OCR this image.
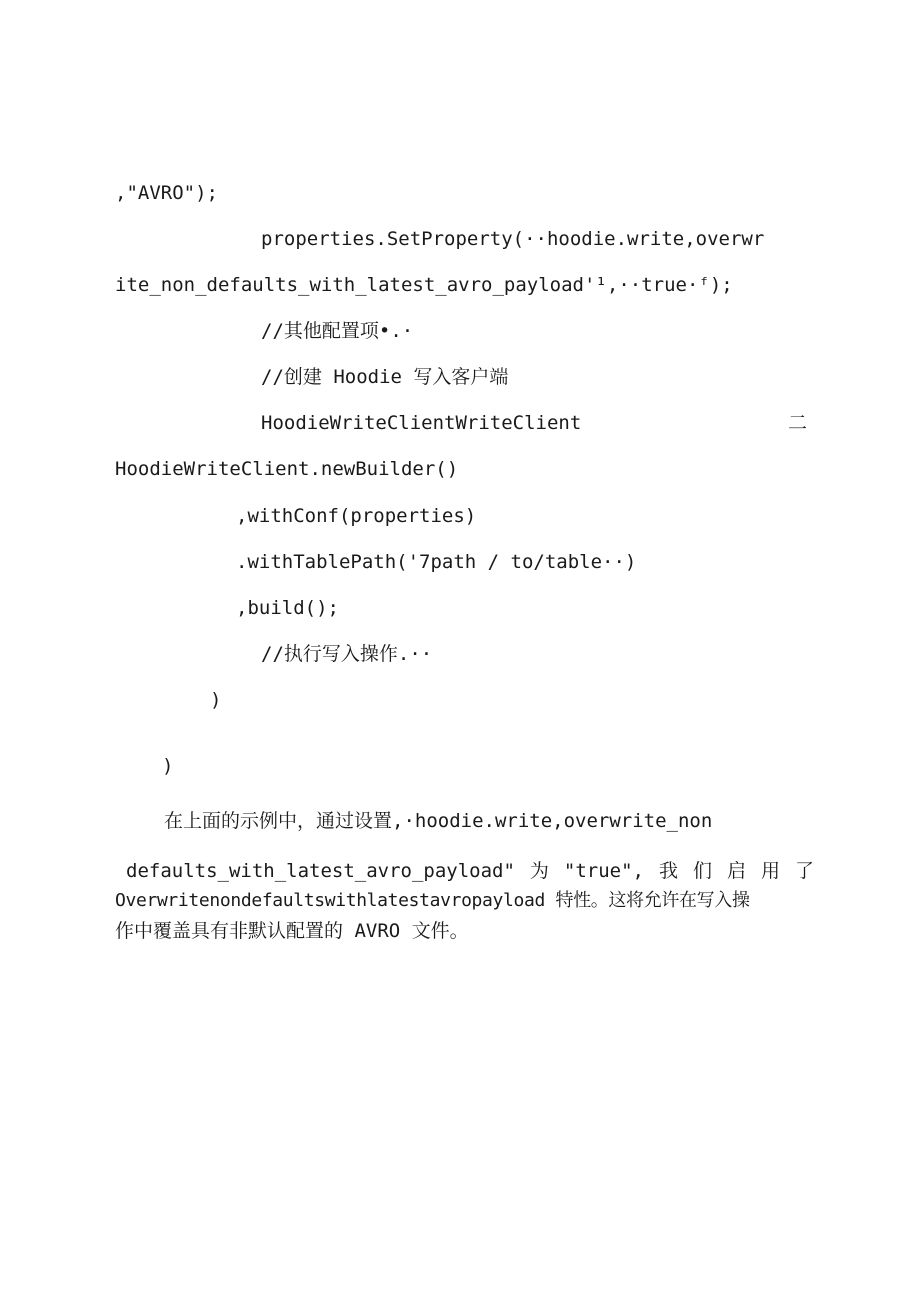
,"AVRO");
properties.SetProperty(··hoodie.write,overwr
ite_non_defaults_with_latest_avro_payload'¹,··true·ᶠ);
//其他配置项•.·
//创建 Hoodie 写入客户端
HoodieWriteClientWriteClient	二
HoodieWriteClient.newBuilder()
,withConf(properties)
.withTablePath('7path / to/table··)
,build();
//执行写入操作.··
)
)
在上面的示例中，通过设置,·hoodie.write,overwrite_non
defaults_with_latest_avro_payload" 为 "true", 我 们 启 用 了
Overwritenondefaultswithlatestavropayload 特性。这将允许在写入操
作中覆盖具有非默认配置的 AVRO 文件。
